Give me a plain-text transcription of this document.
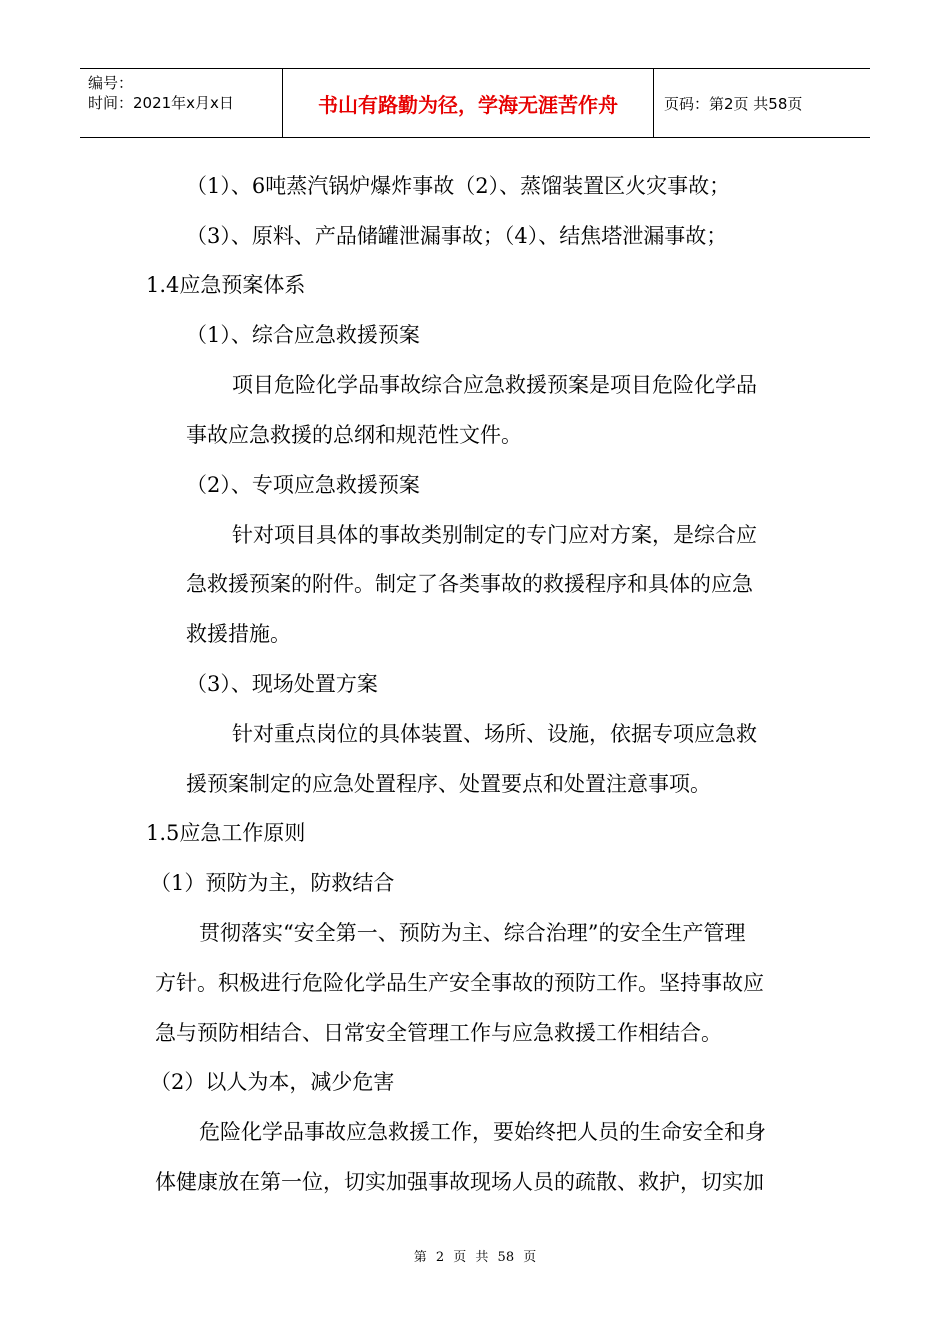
编号：
时间：2021年x月x日	书山有路勤为径，学海无涯苦作舟	页码：第2页 共58页
（1）、6吨蒸汽锅炉爆炸事故（2）、蒸馏装置区火灾事故；
（3）、原料、产品储罐泄漏事故；（4）、结焦塔泄漏事故；
1.4应急预案体系
（1）、综合应急救援预案
项目危险化学品事故综合应急救援预案是项目危险化学品
事故应急救援的总纲和规范性文件。
（2）、专项应急救援预案
针对项目具体的事故类别制定的专门应对方案，是综合应
急救援预案的附件。制定了各类事故的救援程序和具体的应急
救援措施。
（3）、现场处置方案
针对重点岗位的具体装置、场所、设施，依据专项应急救
援预案制定的应急处置程序、处置要点和处置注意事项。
1.5应急工作原则
（1）预防为主，防救结合
贯彻落实“安全第一、预防为主、综合治理”的安全生产管理
方针。积极进行危险化学品生产安全事故的预防工作。坚持事故应
急与预防相结合、日常安全管理工作与应急救援工作相结合。
（2）以人为本，减少危害
危险化学品事故应急救援工作，要始终把人员的生命安全和身
体健康放在第一位，切实加强事故现场人员的疏散、救护，切实加
第 2 页 共 58 页
